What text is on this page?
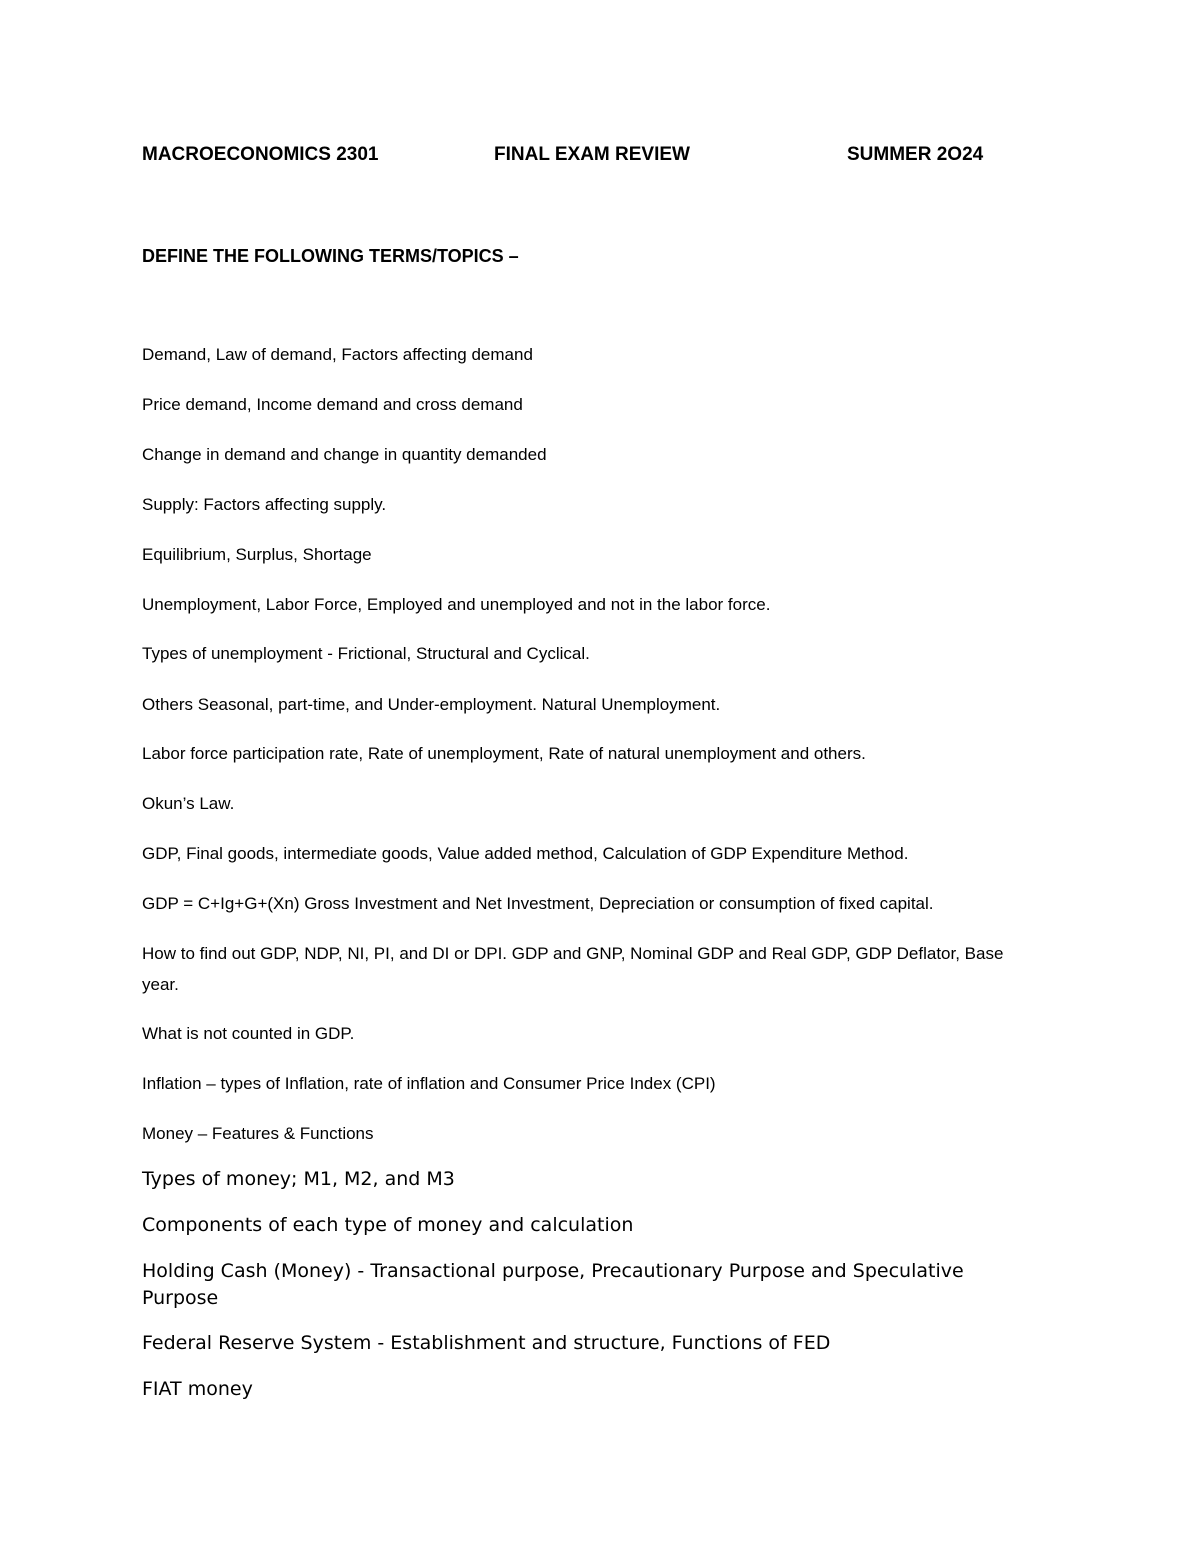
MACROECONOMICS 2301	FINAL EXAM REVIEW	SUMMER 2O24
DEFINE THE FOLLOWING TERMS/TOPICS –
Demand, Law of demand, Factors affecting demand
Price demand, Income demand and cross demand
Change in demand and change in quantity demanded
Supply: Factors affecting supply.
Equilibrium, Surplus, Shortage
Unemployment, Labor Force, Employed and unemployed and not in the labor force.
Types of unemployment - Frictional, Structural and Cyclical.
Others Seasonal, part-time, and Under-employment. Natural Unemployment.
Labor force participation rate, Rate of unemployment, Rate of natural unemployment and others.
Okun’s Law.
GDP, Final goods, intermediate goods, Value added method, Calculation of GDP Expenditure Method.
GDP = C+Ig+G+(Xn) Gross Investment and Net Investment, Depreciation or consumption of fixed capital.
How to find out GDP, NDP, NI, PI, and DI or DPI. GDP and GNP, Nominal GDP and Real GDP, GDP Deflator, Base year.
What is not counted in GDP.
Inflation – types of Inflation, rate of inflation and Consumer Price Index (CPI)
Money – Features & Functions
Types of money; M1, M2, and M3
Components of each type of money and calculation
Holding Cash (Money) - Transactional purpose, Precautionary Purpose and Speculative Purpose
Federal Reserve System - Establishment and structure, Functions of FED
FIAT money
